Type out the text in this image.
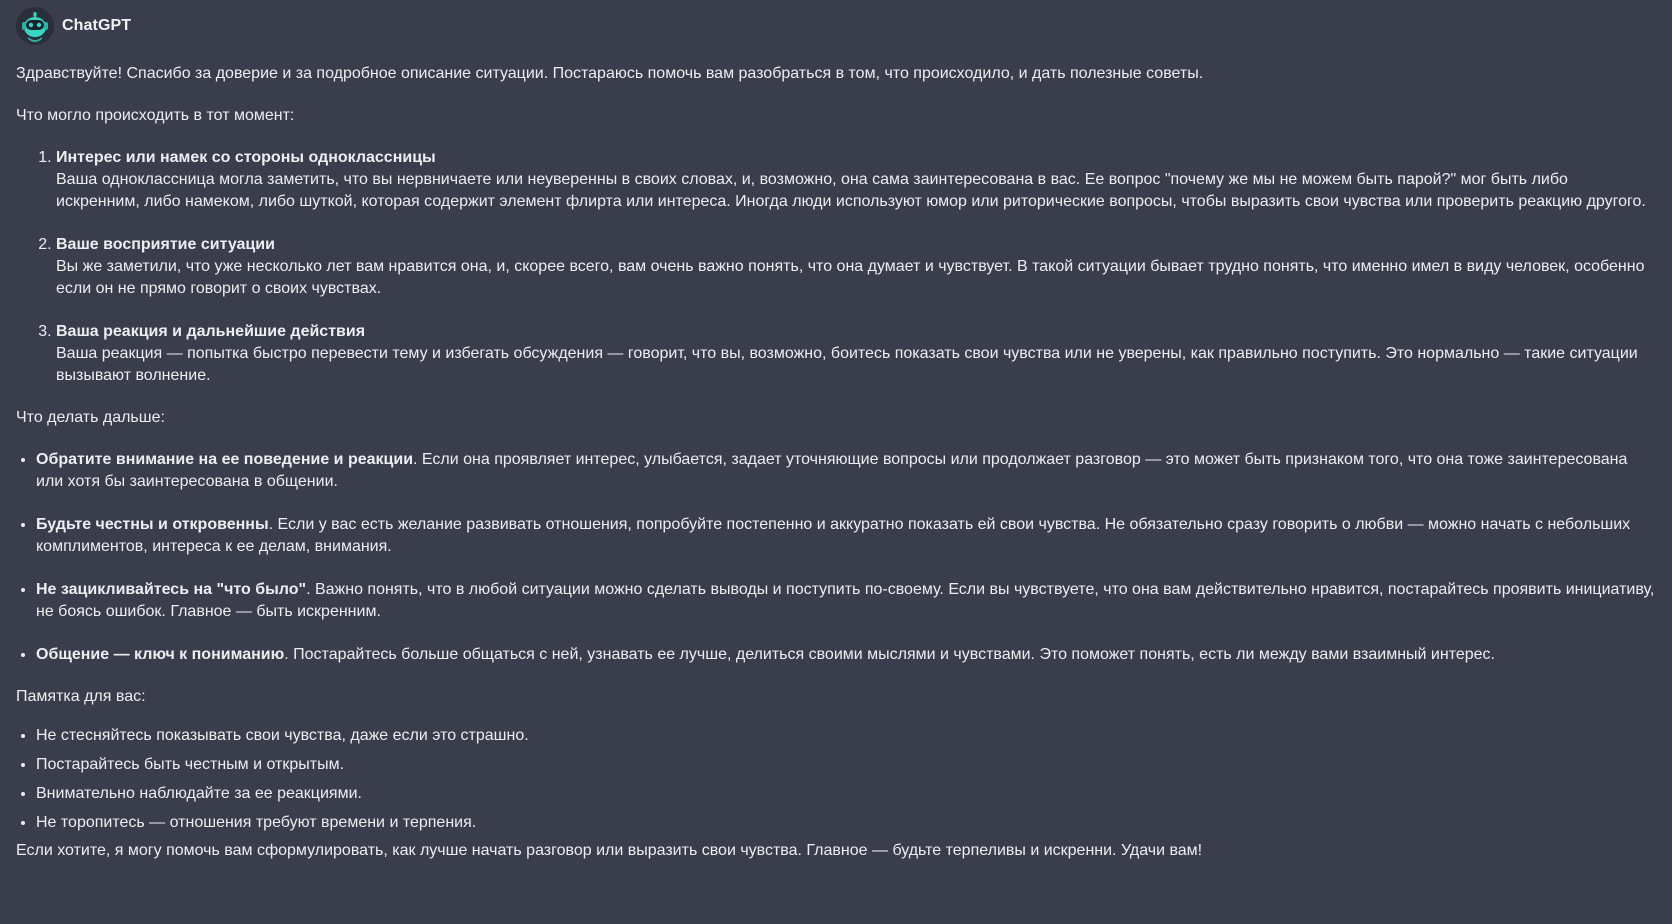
ChatGPT

Здравствуйте! Спасибо за доверие и за подробное описание ситуации. Постараюсь помочь вам разобраться в том, что происходило, и дать полезные советы.

Что могло происходить в тот момент:

1. Интерес или намек со стороны одноклассницы
Ваша одноклассница могла заметить, что вы нервничаете или неуверенны в своих словах, и, возможно, она сама заинтересована в вас. Ее вопрос "почему же мы не можем быть парой?" мог быть либо искренним, либо намеком, либо шуткой, которая содержит элемент флирта или интереса. Иногда люди используют юмор или риторические вопросы, чтобы выразить свои чувства или проверить реакцию другого.
2. Ваше восприятие ситуации
Вы же заметили, что уже несколько лет вам нравится она, и, скорее всего, вам очень важно понять, что она думает и чувствует. В такой ситуации бывает трудно понять, что именно имел в виду человек, особенно если он не прямо говорит о своих чувствах.
3. Ваша реакция и дальнейшие действия
Ваша реакция — попытка быстро перевести тему и избегать обсуждения — говорит, что вы, возможно, боитесь показать свои чувства или не уверены, как правильно поступить. Это нормально — такие ситуации вызывают волнение.

Что делать дальше:

• Обратите внимание на ее поведение и реакции. Если она проявляет интерес, улыбается, задает уточняющие вопросы или продолжает разговор — это может быть признаком того, что она тоже заинтересована или хотя бы заинтересована в общении.
• Будьте честны и откровенны. Если у вас есть желание развивать отношения, попробуйте постепенно и аккуратно показать ей свои чувства. Не обязательно сразу говорить о любви — можно начать с небольших комплиментов, интереса к ее делам, внимания.
• Не зацикливайтесь на "что было". Важно понять, что в любой ситуации можно сделать выводы и поступить по-своему. Если вы чувствуете, что она вам действительно нравится, постарайтесь проявить инициативу, не боясь ошибок. Главное — быть искренним.
• Общение — ключ к пониманию. Постарайтесь больше общаться с ней, узнавать ее лучше, делиться своими мыслями и чувствами. Это поможет понять, есть ли между вами взаимный интерес.

Памятка для вас:

• Не стесняйтесь показывать свои чувства, даже если это страшно.
• Постарайтесь быть честным и открытым.
• Внимательно наблюдайте за ее реакциями.
• Не торопитесь — отношения требуют времени и терпения.

Если хотите, я могу помочь вам сформулировать, как лучше начать разговор или выразить свои чувства. Главное — будьте терпеливы и искренни. Удачи вам!
